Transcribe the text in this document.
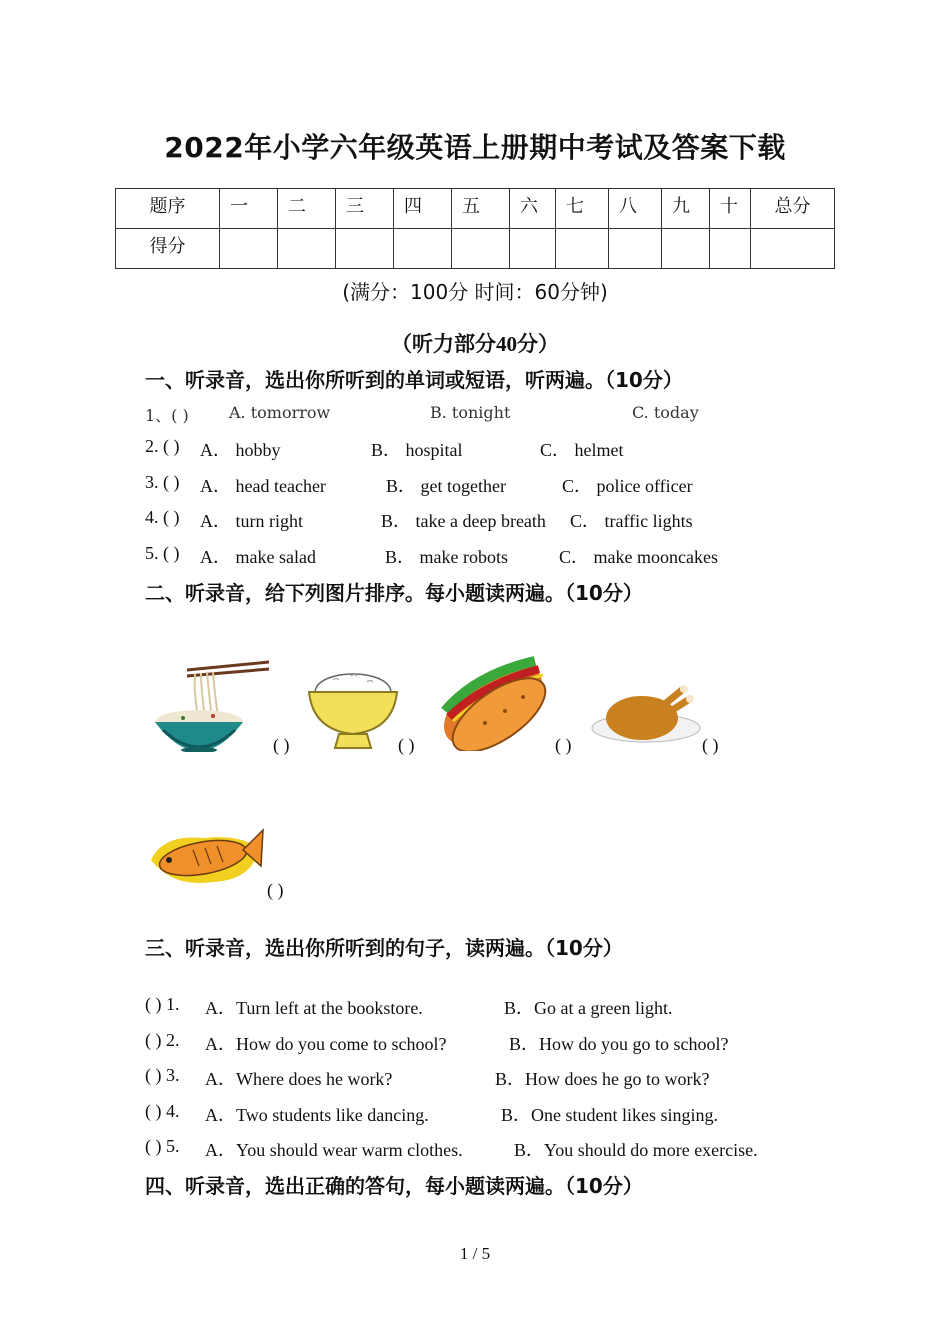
2022年小学六年级英语上册期中考试及答案下载
题序	一	二	三	四	五	六	七	八	九	十	总分
得分											
(满分：100分 时间：60分钟)
（听力部分40分）
一、听录音，选出你所听到的单词或短语，听两遍。（10分）
1、( )	A. tomorrow	B. tonight	C. today
2. ( ) A． hobby	B． hospital	C． helmet
3. ( ) A． head teacher	B． get together	C． police officer
4. ( ) A． turn right	B． take a deep breath C． traffic lights
5. ( ) A． make salad	B． make robots	C． make mooncakes
二、听录音，给下列图片排序。每小题读两遍。（10分）
( )	( )	( )	( )
( )
三、听录音，选出你所听到的句子，读两遍。（10分）
( ) 1. A．Turn left at the bookstore.	B．Go at a green light.
( ) 2. A．How do you come to school?	B．How do you go to school?
( ) 3. A．Where does he work?	B．How does he go to work?
( ) 4. A．Two students like dancing.	B．One student likes singing.
( ) 5. A．You should wear warm clothes.	B．You should do more exercise.
四、听录音，选出正确的答句，每小题读两遍。（10分）
1 / 5
